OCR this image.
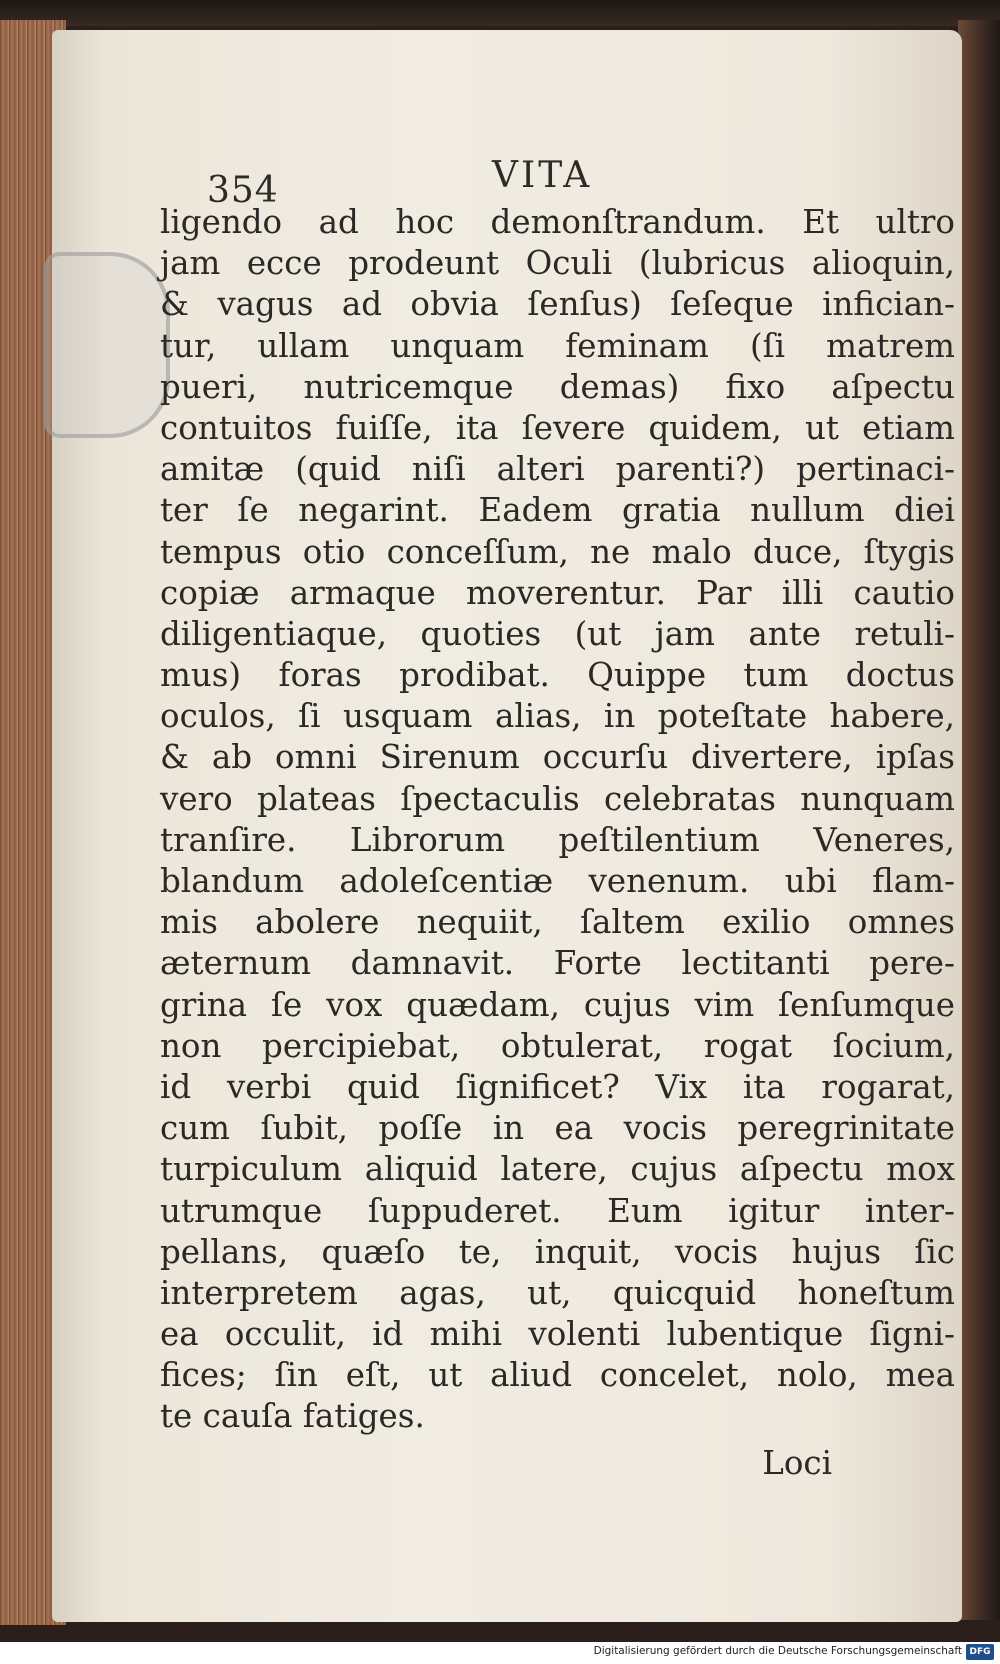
354	VITA
ligendo ad hoc demonſtrandum. Et ultro
jam ecce prodeunt Oculi (lubricus alioquin,
& vagus ad obvia ſenſus) ſeſeque infician-
tur, ullam unquam feminam (ſi matrem
pueri, nutricemque demas) fixo aſpectu
contuitos fuiſſe, ita ſevere quidem, ut etiam
amitæ (quid niſi alteri parenti?) pertinaci-
ter ſe negarint. Eadem gratia nullum diei
tempus otio conceſſum, ne malo duce, ſtygis
copiæ armaque moverentur. Par illi cautio
diligentiaque, quoties (ut jam ante retuli-
mus) foras prodibat. Quippe tum doctus
oculos, ſi usquam alias, in poteſtate habere,
& ab omni Sirenum occurſu divertere, ipſas
vero plateas ſpectaculis celebratas nunquam
tranſire. Librorum peſtilentium Veneres,
blandum adoleſcentiæ venenum. ubi flam-
mis abolere nequiit, ſaltem exilio omnes
æternum damnavit. Forte lectitanti pere-
grina ſe vox quædam, cujus vim ſenſumque
non percipiebat, obtulerat, rogat ſocium,
id verbi quid ſignificet? Vix ita rogarat,
cum ſubit, poſſe in ea vocis peregrinitate
turpiculum aliquid latere, cujus aſpectu mox
utrumque ſuppuderet. Eum igitur inter-
pellans, quæſo te, inquit, vocis hujus ſic
interpretem agas, ut, quicquid honeſtum
ea occulit, id mihi volenti lubentique ſigni-
fices; ſin eſt, ut aliud concelet, nolo, mea
te cauſa fatiges.
Loci
Digitalisierung gefördert durch die Deutsche Forschungsgemeinschaft DFG
